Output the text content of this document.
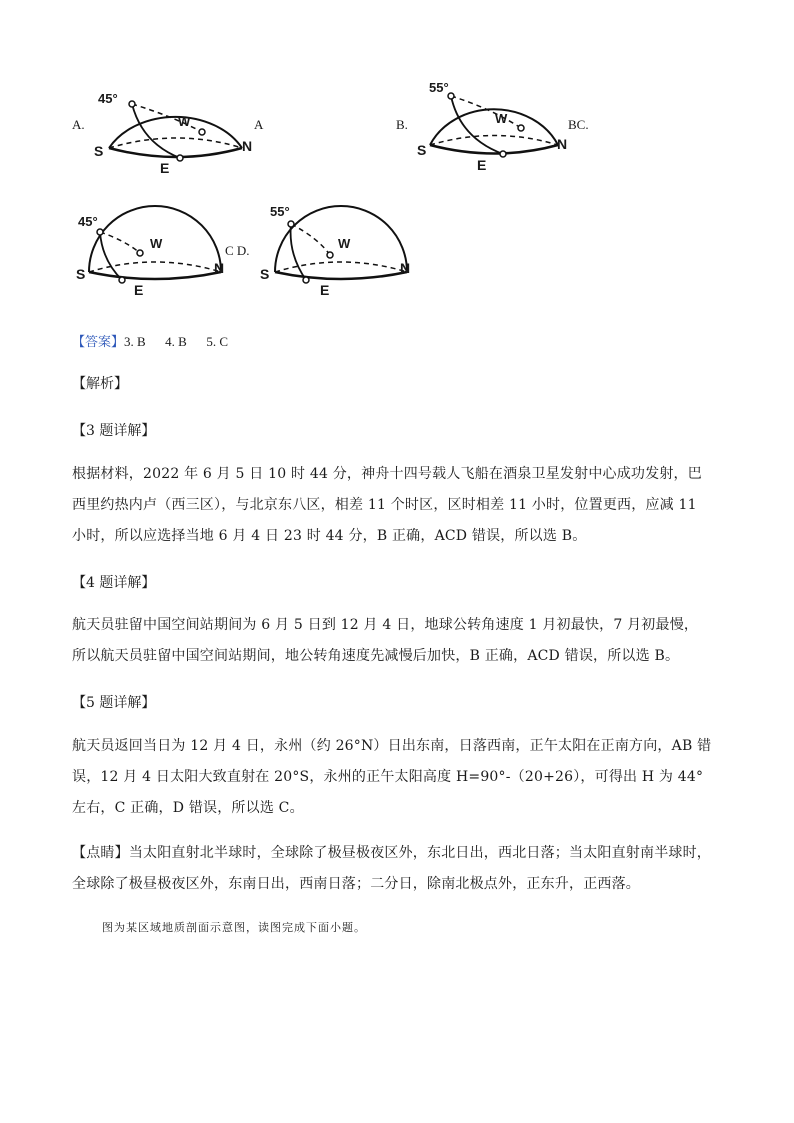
A.
45°
S	N
E
W	A	B.
55°
S	N
E
W	BC.
45°
S	N
E
W	C D.
55°
S	N
E
W
【答案】3. B      4. B      5. C
【解析】
【3 题详解】
根据材料，2022 年 6 月 5 日 10 时 44 分，神舟十四号载人飞船在酒泉卫星发射中心成功发射，巴西里约热内卢（西三区），与北京东八区，相差 11 个时区，区时相差 11 小时，位置更西，应减 11 小时，所以应选择当地 6 月 4 日 23 时 44 分，B 正确，ACD 错误，所以选 B。
【4 题详解】
航天员驻留中国空间站期间为 6 月 5 日到 12 月 4 日，地球公转角速度 1 月初最快，7 月初最慢，所以航天员驻留中国空间站期间，地公转角速度先减慢后加快，B 正确，ACD 错误，所以选 B。
【5 题详解】
航天员返回当日为 12 月 4 日，永州（约 26°N）日出东南，日落西南，正午太阳在正南方向，AB 错误，12 月 4 日太阳大致直射在 20°S，永州的正午太阳高度 H=90°-（20+26），可得出 H 为 44°左右，C 正确，D 错误，所以选 C。
【点睛】当太阳直射北半球时，全球除了极昼极夜区外，东北日出，西北日落；当太阳直射南半球时，全球除了极昼极夜区外，东南日出，西南日落；二分日，除南北极点外，正东升，正西落。
图为某区域地质剖面示意图，读图完成下面小题。
